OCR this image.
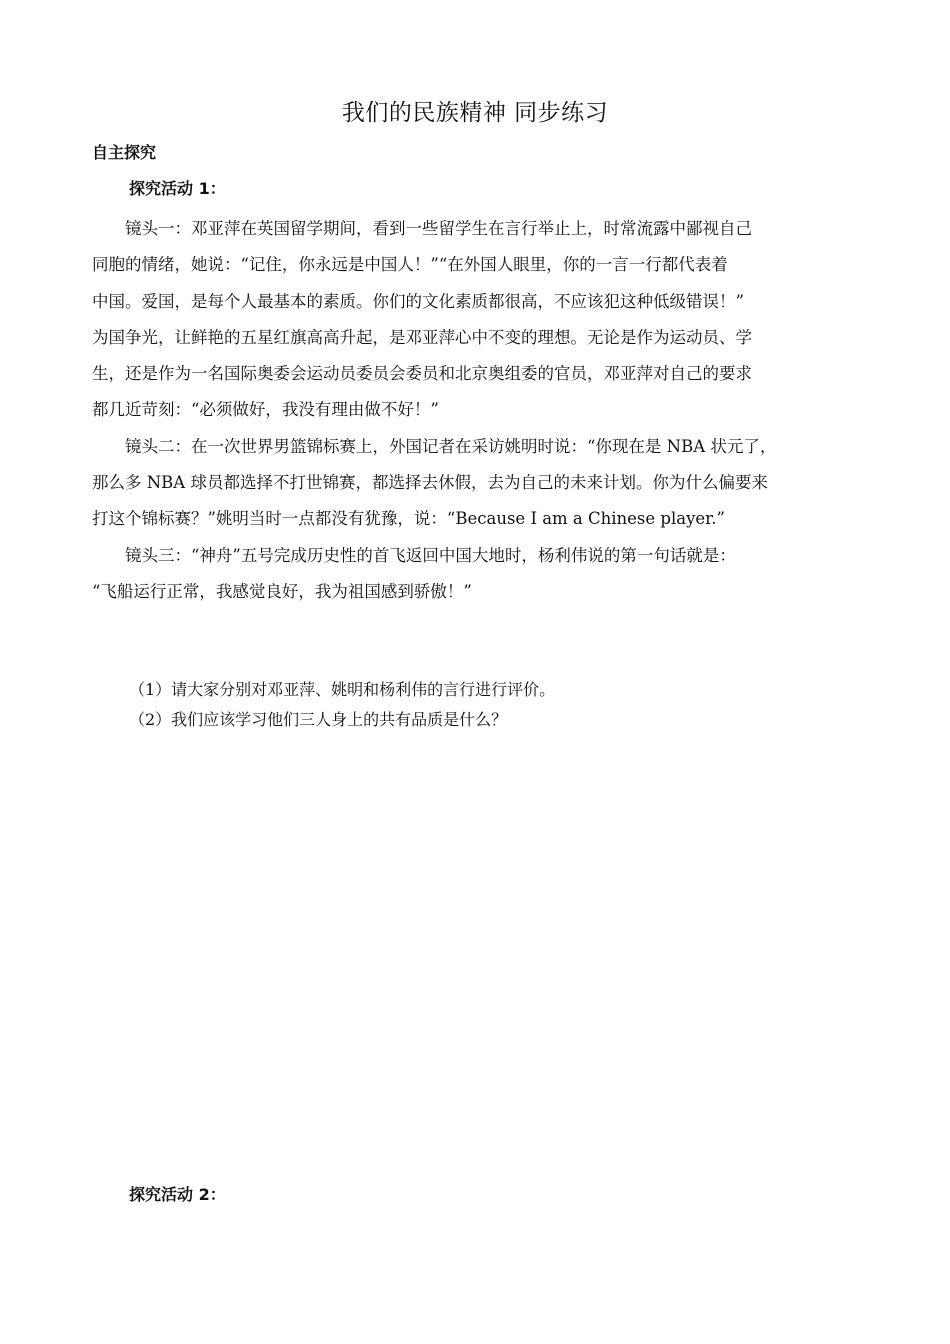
我们的民族精神 同步练习
自主探究
探究活动 1：
镜头一：邓亚萍在英国留学期间，看到一些留学生在言行举止上，时常流露中鄙视自己
同胞的情绪，她说：“记住，你永远是中国人！”“在外国人眼里，你的一言一行都代表着
中国。爱国，是每个人最基本的素质。你们的文化素质都很高，不应该犯这种低级错误！”
为国争光，让鲜艳的五星红旗高高升起，是邓亚萍心中不变的理想。无论是作为运动员、学
生，还是作为一名国际奥委会运动员委员会委员和北京奥组委的官员，邓亚萍对自己的要求
都几近苛刻：“必须做好，我没有理由做不好！”
镜头二：在一次世界男篮锦标赛上，外国记者在采访姚明时说：“你现在是 NBA 状元了，
那么多 NBA 球员都选择不打世锦赛，都选择去休假，去为自己的未来计划。你为什么偏要来
打这个锦标赛？”姚明当时一点都没有犹豫，说：“Because I am a Chinese player.”
镜头三：“神舟”五号完成历史性的首飞返回中国大地时，杨利伟说的第一句话就是：
“飞船运行正常，我感觉良好，我为祖国感到骄傲！”

（1）请大家分别对邓亚萍、姚明和杨利伟的言行进行评价。

（2）我们应该学习他们三人身上的共有品质是什么？

探究活动 2：
